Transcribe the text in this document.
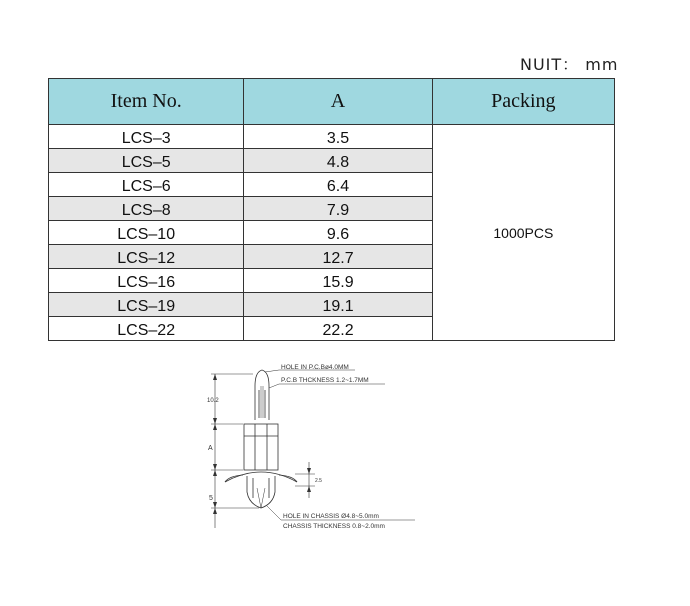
NUIT： mm
Item No.	A	Packing
LCS–3	3.5	1000PCS
LCS–5	4.8	
LCS–6	6.4	
LCS–8	7.9	
LCS–10	9.6	
LCS–12	12.7	
LCS–16	15.9	
LCS–19	19.1	
LCS–22	22.2	
10.2
A
2.5
5
HOLE IN P.C.Bø4.0MM
P.C.B THCKNESS 1.2~1.7MM
HOLE IN CHASSIS Ø4.8~5.0mm
CHASSIS THICKNESS 0.8~2.0mm
